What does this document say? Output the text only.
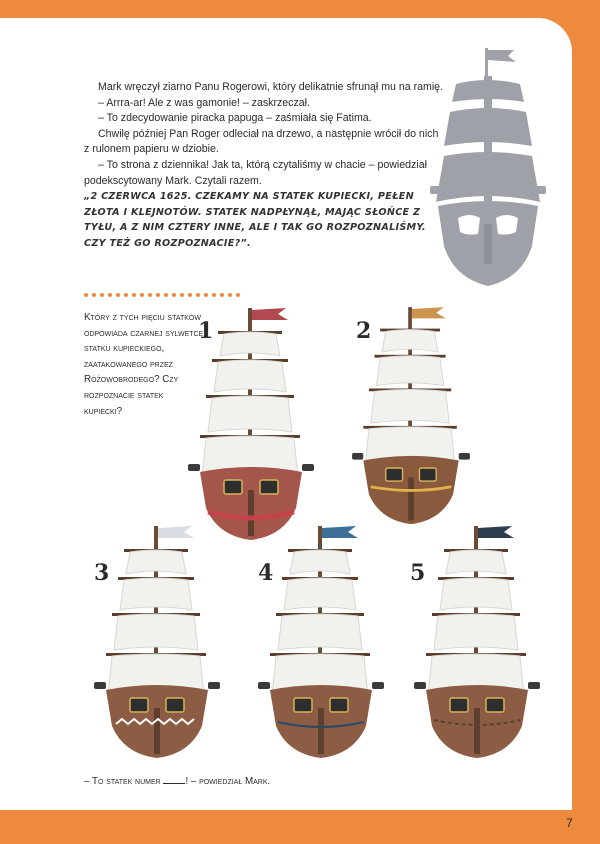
Mark wręczył ziarno Panu Rogerowi, który delikatnie sfrunął mu na ramię.

– Arrra-ar! Ale z was gamonie! – zaskrzeczał.

– To zdecydowanie piracka papuga – zaśmiała się Fatima.

Chwilę później Pan Roger odleciał na drzewo, a następnie wrócił do nich z rulonem papieru w dziobie.

– To strona z dziennika! Jak ta, którą czytaliśmy w chacie – powiedział podekscytowany Mark. Czytali razem.

„2 CZERWCA 1625. CZEKAMY NA STATEK KUPIECKI, PEŁEN ZŁOTA I KLEJNOTÓW. STATEK NADPŁYNĄŁ, MAJĄC SŁOŃCE Z TYŁU, A Z NIM CZTERY INNE, ALE I TAK GO ROZPOZNALIŚMY. CZY TEŻ GO ROZPOZNACIE?”.

Który z tych pięciu statków odpowiada czarnej sylwetce statku kupieckiego, zaatakowanego przez Różowobrodego? Czy rozpoznacie statek kupiecki?
1	2
3	4	5
– To statek numer ! – powiedział Mark.
7
